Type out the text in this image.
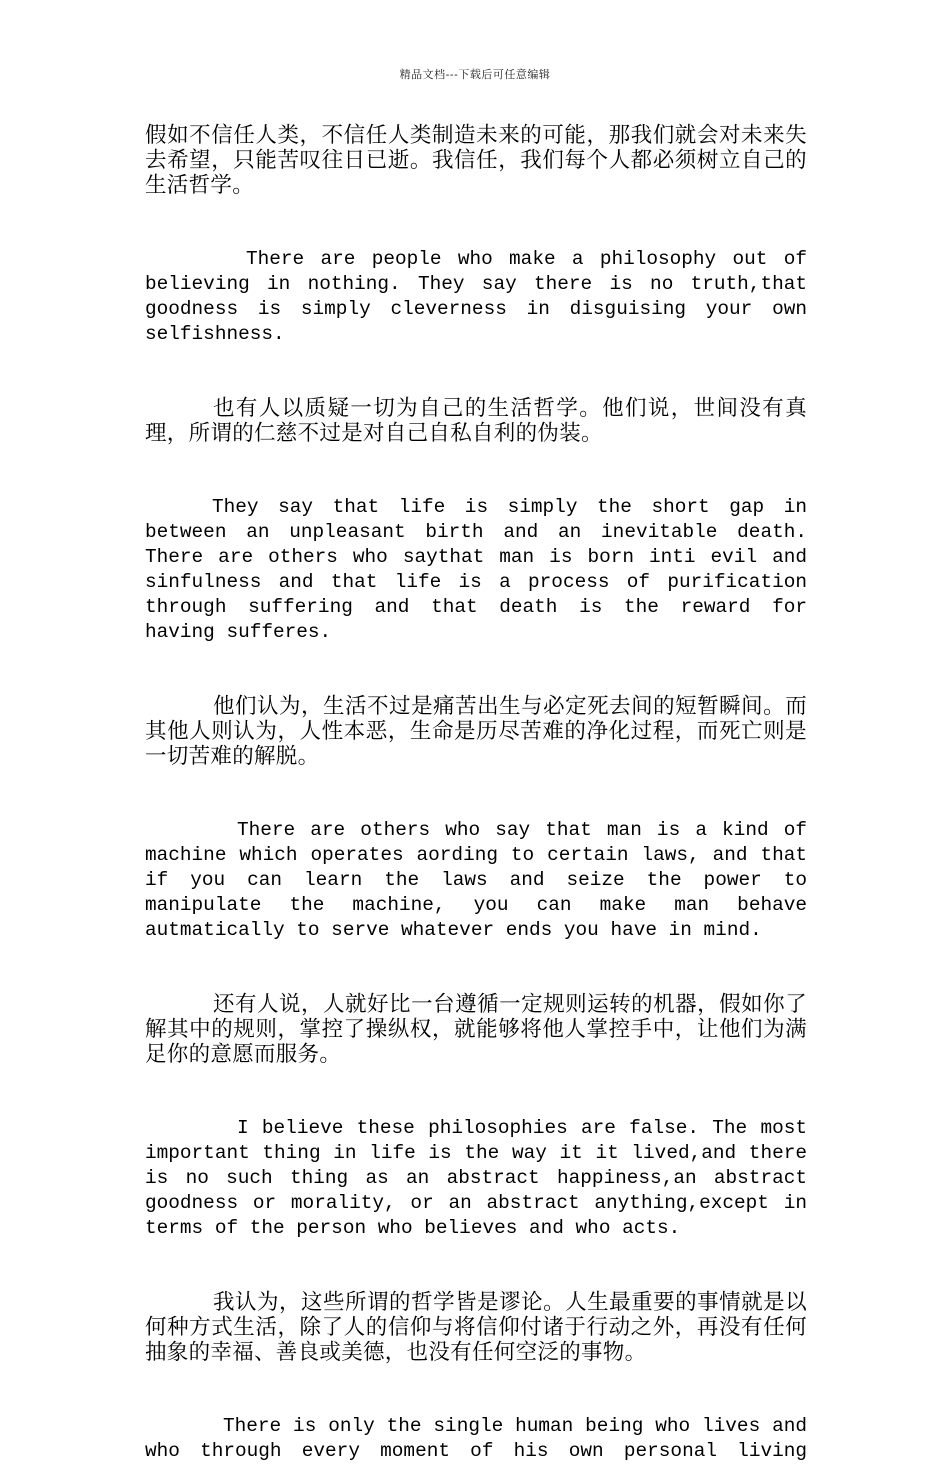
精品文档---下载后可任意编辑

假如不信任人类，不信任人类制造未来的可能，那我们就会对未来失去希望，只能苦叹往日已逝。我信任，我们每个人都必须树立自己的生活哲学。

There are people who make a philosophy out of believing in nothing. They say there is no truth,that goodness is simply cleverness in disguising your own selfishness.

也有人以质疑一切为自己的生活哲学。他们说，世间没有真理，所谓的仁慈不过是对自己自私自利的伪装。

They say that life is simply the short gap in between an unpleasant birth and an inevitable death. There are others who saythat man is born inti evil and sinfulness and that life is a process of purification through suffering and that death is the reward for having sufferes.

他们认为，生活不过是痛苦出生与必定死去间的短暂瞬间。而其他人则认为，人性本恶，生命是历尽苦难的净化过程，而死亡则是一切苦难的解脱。

There are others who say that man is a kind of machine which operates aording to certain laws, and that if you can learn the laws and seize the power to manipulate the machine, you can make man behave autmatically to serve whatever ends you have in mind.

还有人说，人就好比一台遵循一定规则运转的机器，假如你了解其中的规则，掌控了操纵权，就能够将他人掌控手中，让他们为满足你的意愿而服务。

I believe these philosophies are false. The most important thing in life is the way it it lived,and there is no such thing as an abstract happiness,an abstract goodness or morality, or an abstract anything,except in terms of the person who believes and who acts.

我认为，这些所谓的哲学皆是谬论。人生最重要的事情就是以何种方式生活，除了人的信仰与将信仰付诸于行动之外，再没有任何抽象的幸福、善良或美德，也没有任何空泛的事物。

There is only the single human being who lives and who through every moment of his own personal living
